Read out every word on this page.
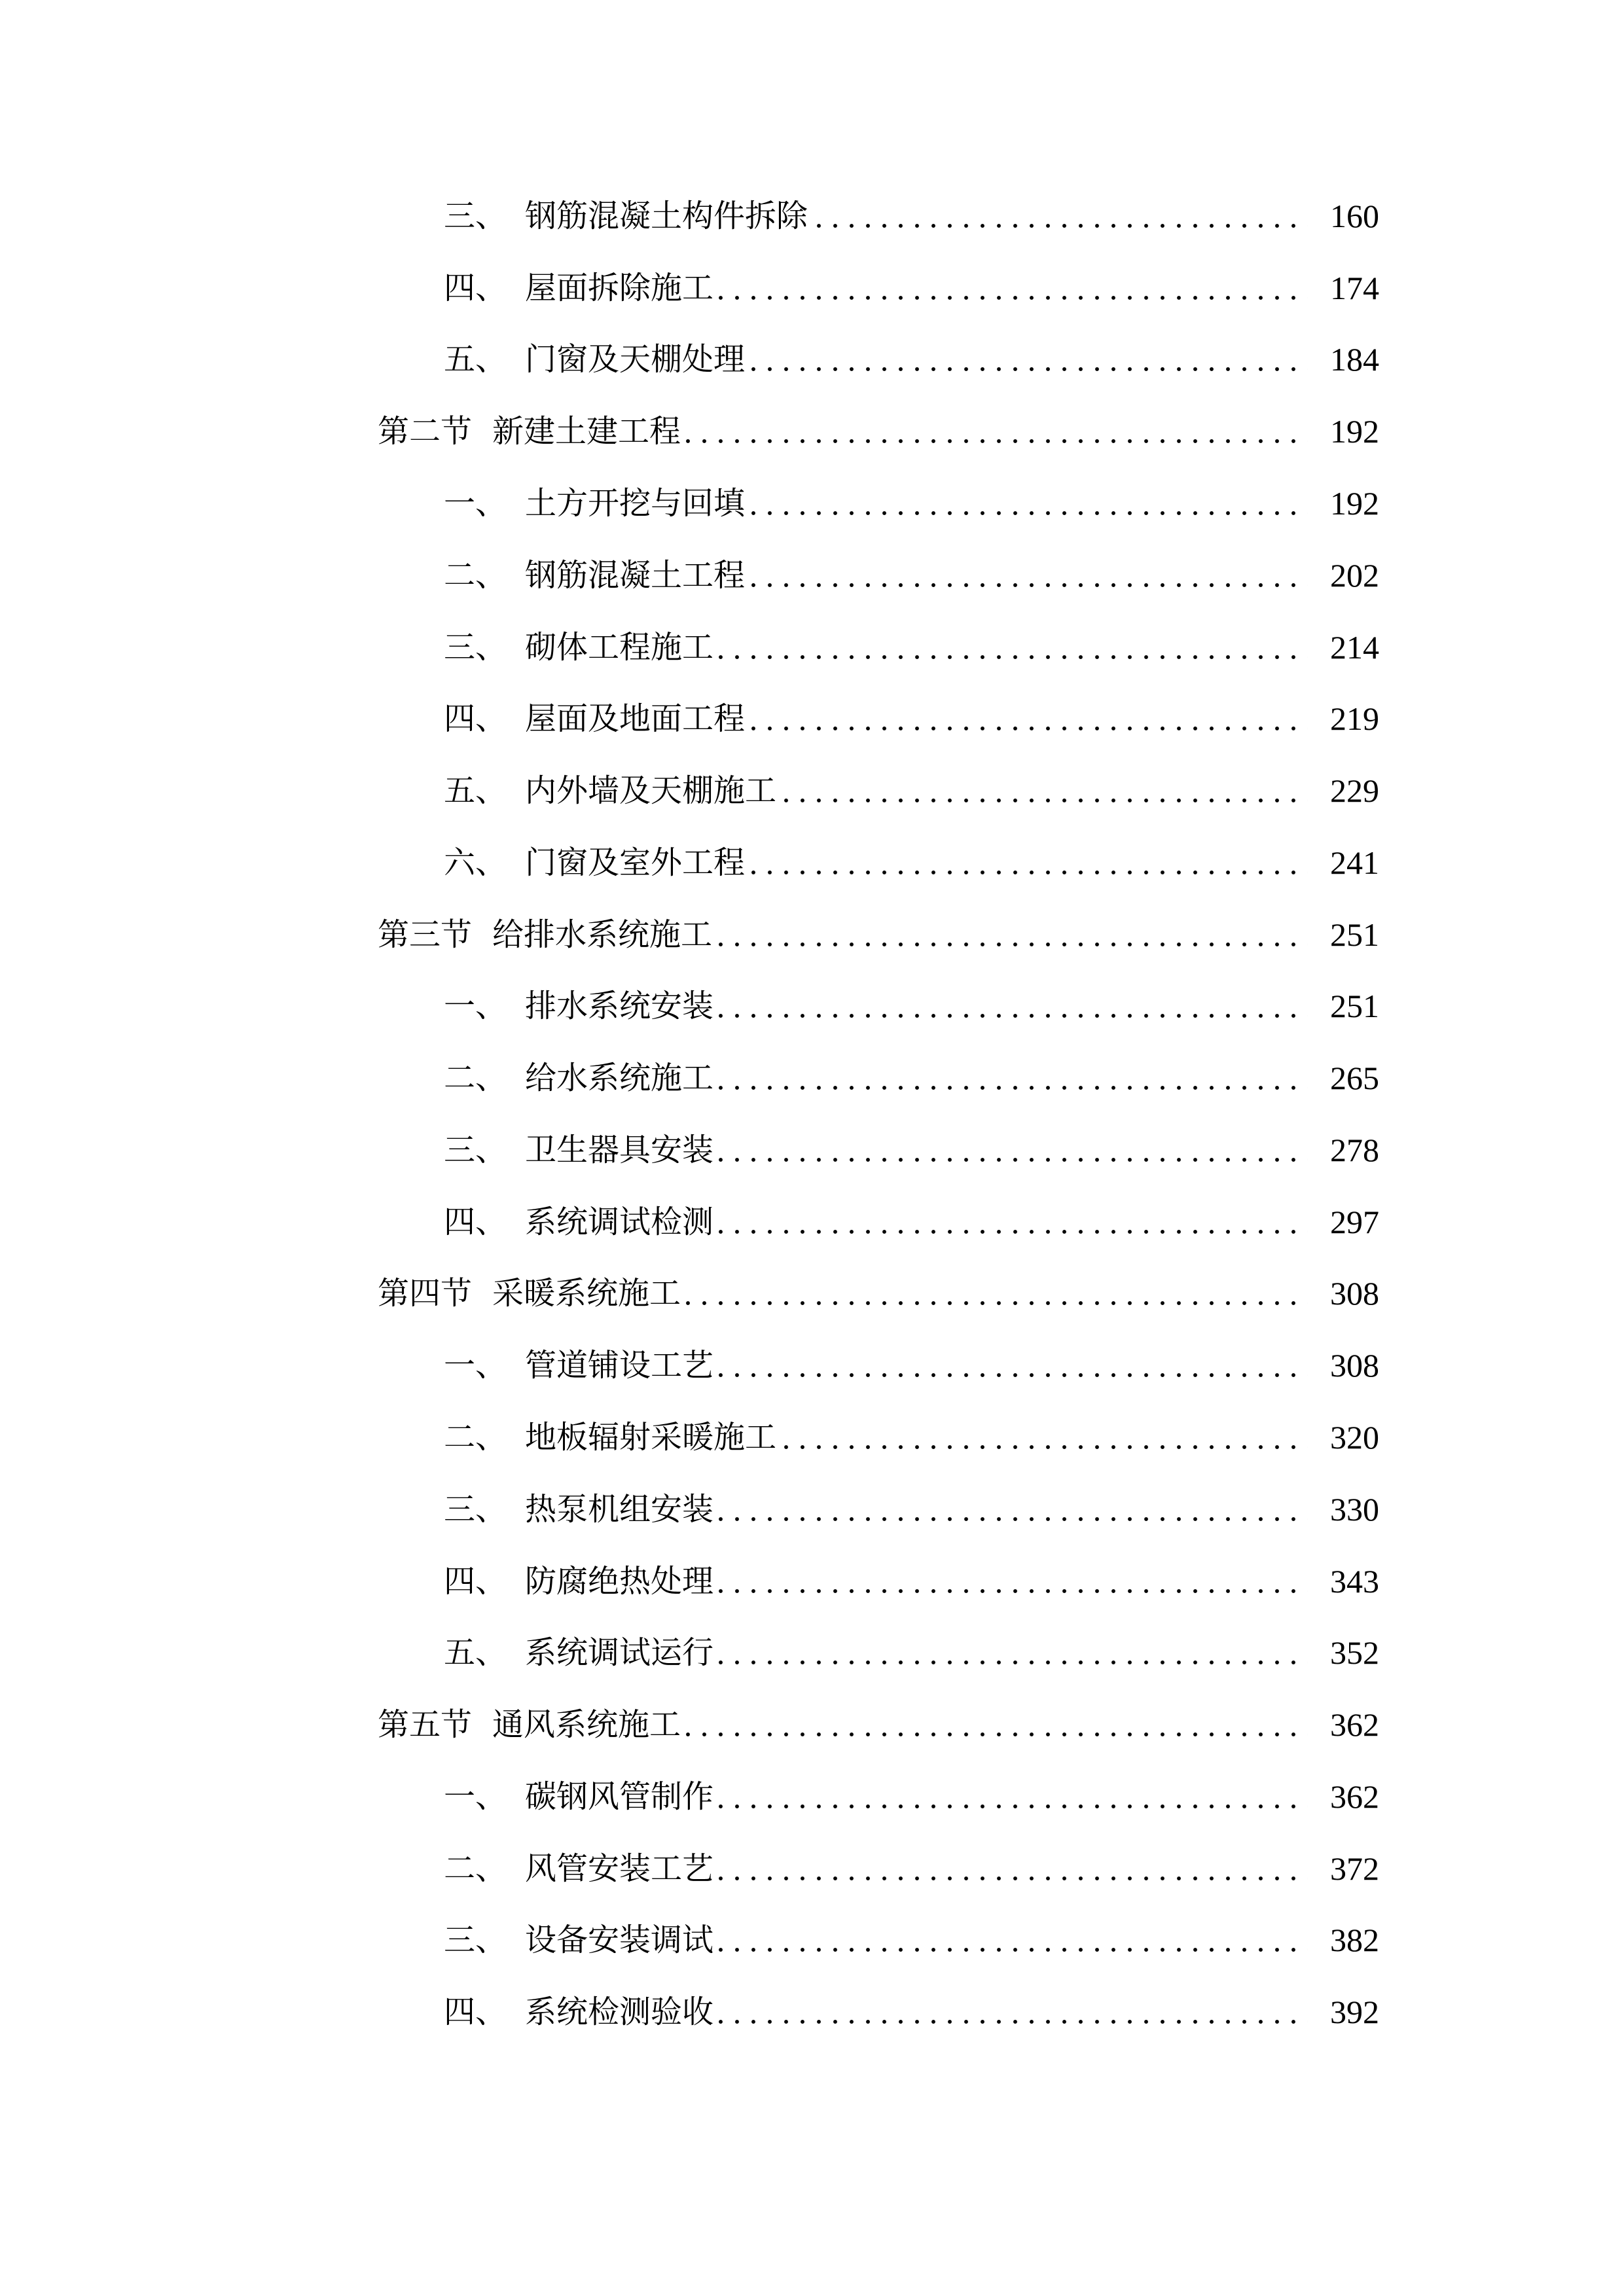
三、 钢筋混凝土构件拆除	160
四、 屋面拆除施工	174
五、 门窗及天棚处理	184
第二节 新建土建工程	192
一、 土方开挖与回填	192
二、 钢筋混凝土工程	202
三、 砌体工程施工	214
四、 屋面及地面工程	219
五、 内外墙及天棚施工	229
六、 门窗及室外工程	241
第三节 给排水系统施工	251
一、 排水系统安装	251
二、 给水系统施工	265
三、 卫生器具安装	278
四、 系统调试检测	297
第四节 采暖系统施工	308
一、 管道铺设工艺	308
二、 地板辐射采暖施工	320
三、 热泵机组安装	330
四、 防腐绝热处理	343
五、 系统调试运行	352
第五节 通风系统施工	362
一、 碳钢风管制作	362
二、 风管安装工艺	372
三、 设备安装调试	382
四、 系统检测验收	392
